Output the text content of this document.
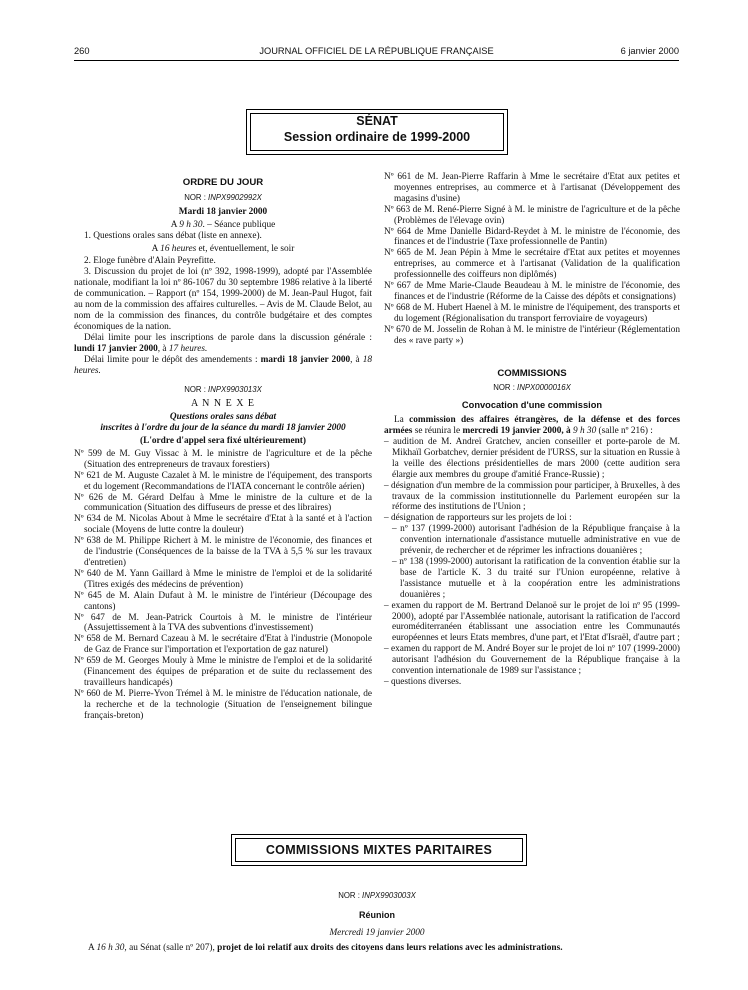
260	JOURNAL OFFICIEL DE LA RÉPUBLIQUE FRANÇAISE	6 janvier 2000
SÉNAT
Session ordinaire de 1999-2000

ORDRE DU JOUR

NOR : INPX9902992X

Mardi 18 janvier 2000

A 9 h 30. – Séance publique

1. Questions orales sans débat (liste en annexe).

A 16 heures et, éventuellement, le soir

2. Eloge funèbre d'Alain Peyrefitte.

3. Discussion du projet de loi (nº 392, 1998-1999), adopté par l'Assemblée nationale, modifiant la loi nº 86-1067 du 30 septembre 1986 relative à la liberté de communication. – Rapport (nº 154, 1999-2000) de M. Jean-Paul Hugot, fait au nom de la commission des affaires culturelles. – Avis de M. Claude Belot, au nom de la commission des finances, du contrôle budgétaire et des comptes économiques de la nation.

Délai limite pour les inscriptions de parole dans la discussion générale : lundi 17 janvier 2000, à 17 heures.

Délai limite pour le dépôt des amendements : mardi 18 janvier 2000, à 18 heures.

NOR : INPX9903013X

A N N E X E

Questions orales sans débat

inscrites à l'ordre du jour de la séance du mardi 18 janvier 2000

(L'ordre d'appel sera fixé ultérieurement)

Nº 599 de M. Guy Vissac à M. le ministre de l'agriculture et de la pêche (Situation des entrepreneurs de travaux forestiers)

Nº 621 de M. Auguste Cazalet à M. le ministre de l'équipement, des transports et du logement (Recommandations de l'IATA concernant le contrôle aérien)

Nº 626 de M. Gérard Delfau à Mme le ministre de la culture et de la communication (Situation des diffuseurs de presse et des libraires)

Nº 634 de M. Nicolas About à Mme le secrétaire d'Etat à la santé et à l'action sociale (Moyens de lutte contre la douleur)

Nº 638 de M. Philippe Richert à M. le ministre de l'économie, des finances et de l'industrie (Conséquences de la baisse de la TVA à 5,5 % sur les travaux d'entretien)

Nº 640 de M. Yann Gaillard à Mme le ministre de l'emploi et de la solidarité (Titres exigés des médecins de prévention)

Nº 645 de M. Alain Dufaut à M. le ministre de l'intérieur (Découpage des cantons)

Nº 647 de M. Jean-Patrick Courtois à M. le ministre de l'intérieur (Assujettissement à la TVA des subventions d'investissement)

Nº 658 de M. Bernard Cazeau à M. le secrétaire d'Etat à l'industrie (Monopole de Gaz de France sur l'importation et l'exportation de gaz naturel)

Nº 659 de M. Georges Mouly à Mme le ministre de l'emploi et de la solidarité (Financement des équipes de préparation et de suite du reclassement des travailleurs handicapés)

Nº 660 de M. Pierre-Yvon Trémel à M. le ministre de l'éducation nationale, de la recherche et de la technologie (Situation de l'enseignement bilingue français-breton)

Nº 661 de M. Jean-Pierre Raffarin à Mme le secrétaire d'Etat aux petites et moyennes entreprises, au commerce et à l'artisanat (Développement des magasins d'usine)

Nº 663 de M. René-Pierre Signé à M. le ministre de l'agriculture et de la pêche (Problèmes de l'élevage ovin)

Nº 664 de Mme Danielle Bidard-Reydet à M. le ministre de l'économie, des finances et de l'industrie (Taxe professionnelle de Pantin)

Nº 665 de M. Jean Pépin à Mme le secrétaire d'Etat aux petites et moyennes entreprises, au commerce et à l'artisanat (Validation de la qualification professionnelle des coiffeurs non diplômés)

Nº 667 de Mme Marie-Claude Beaudeau à M. le ministre de l'économie, des finances et de l'industrie (Réforme de la Caisse des dépôts et consignations)

Nº 668 de M. Hubert Haenel à M. le ministre de l'équipement, des transports et du logement (Régionalisation du transport ferroviaire de voyageurs)

Nº 670 de M. Josselin de Rohan à M. le ministre de l'intérieur (Réglementation des « rave party »)

COMMISSIONS

NOR : INPX0000016X

Convocation d'une commission

La commission des affaires étrangères, de la défense et des forces armées se réunira le mercredi 19 janvier 2000, à 9 h 30 (salle nº 216) :

– audition de M. Andreï Gratchev, ancien conseiller et porte-parole de M. Mikhaïl Gorbatchev, dernier président de l'URSS, sur la situation en Russie à la veille des élections présidentielles de mars 2000 (cette audition sera élargie aux membres du groupe d'amitié France-Russie) ;

– désignation d'un membre de la commission pour participer, à Bruxelles, à des travaux de la commission institutionnelle du Parlement européen sur la réforme des institutions de l'Union ;

– désignation de rapporteurs sur les projets de loi :

– nº 137 (1999-2000) autorisant l'adhésion de la République française à la convention internationale d'assistance mutuelle administrative en vue de prévenir, de rechercher et de réprimer les infractions douanières ;

– nº 138 (1999-2000) autorisant la ratification de la convention établie sur la base de l'article K. 3 du traité sur l'Union européenne, relative à l'assistance mutuelle et à la coopération entre les administrations douanières ;

– examen du rapport de M. Bertrand Delanoë sur le projet de loi nº 95 (1999-2000), adopté par l'Assemblée nationale, autorisant la ratification de l'accord euroméditerranéen établissant une association entre les Communautés européennes et leurs Etats membres, d'une part, et l'Etat d'Israël, d'autre part ;

– examen du rapport de M. André Boyer sur le projet de loi nº 107 (1999-2000) autorisant l'adhésion du Gouvernement de la République française à la convention internationale de 1989 sur l'assistance ;

– questions diverses.

COMMISSIONS MIXTES PARITAIRES

NOR : INPX9903003X

Réunion

Mercredi 19 janvier 2000

A 16 h 30, au Sénat (salle nº 207), projet de loi relatif aux droits des citoyens dans leurs relations avec les administrations.
